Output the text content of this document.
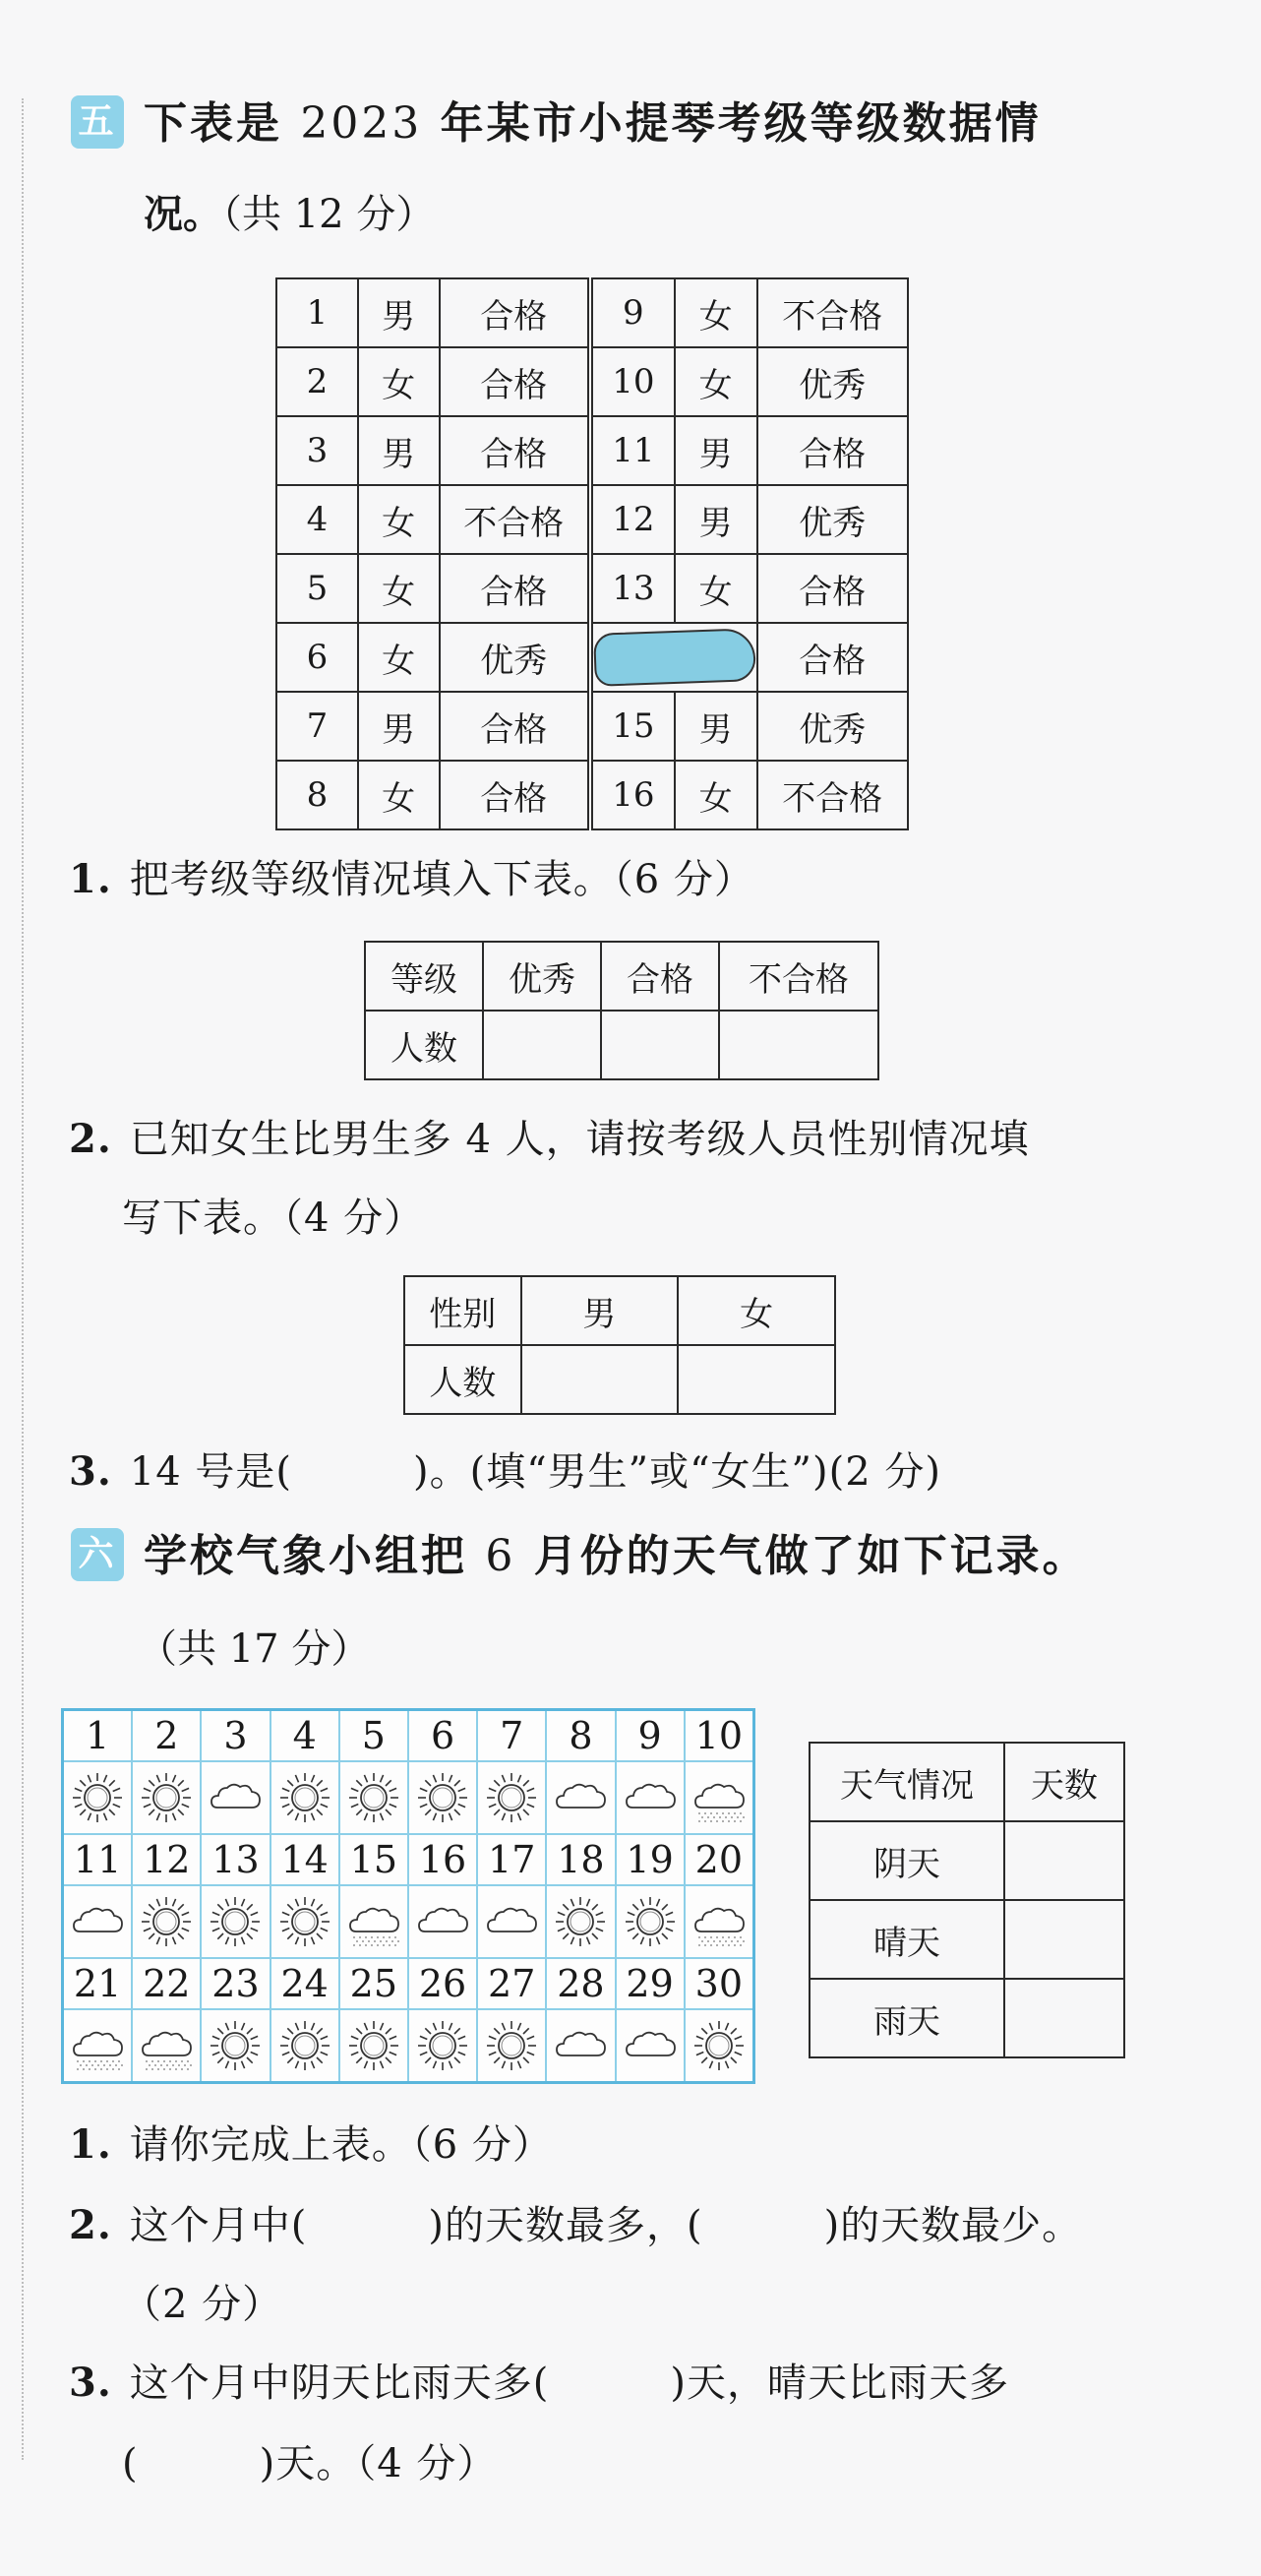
五 下表是 2023 年某市小提琴考级等级数据情
况。（共 12 分）
1	男	合格	9	女	不合格
2	女	合格	10	女	优秀
3	男	合格	11	男	合格
4	女	不合格	12	男	优秀
5	女	合格	13	女	合格
6	女	优秀			合格
7	男	合格	15	男	优秀
8	女	合格	16	女	不合格
1. 把考级等级情况填入下表。（6 分）
等级	优秀	合格	不合格
人数			
2. 已知女生比男生多 4 人，请按考级人员性别情况填
写下表。（4 分）
性别	男	女
人数		
3. 14 号是(　　　)。(填“男生”或“女生”)(2 分)
六 学校气象小组把 6 月份的天气做了如下记录。
（共 17 分）
1	2	3	4	5	6	7	8	9	10

11	12	13	14	15	16	17	18	19	20

21	22	23	24	25	26	27	28	29	30

天气情况	天数
阴天	
晴天	
雨天	
1. 请你完成上表。（6 分）
2. 这个月中(　　　)的天数最多，(　　　)的天数最少。
（2 分）
3. 这个月中阴天比雨天多(　　　)天，晴天比雨天多
(　　　)天。（4 分）
